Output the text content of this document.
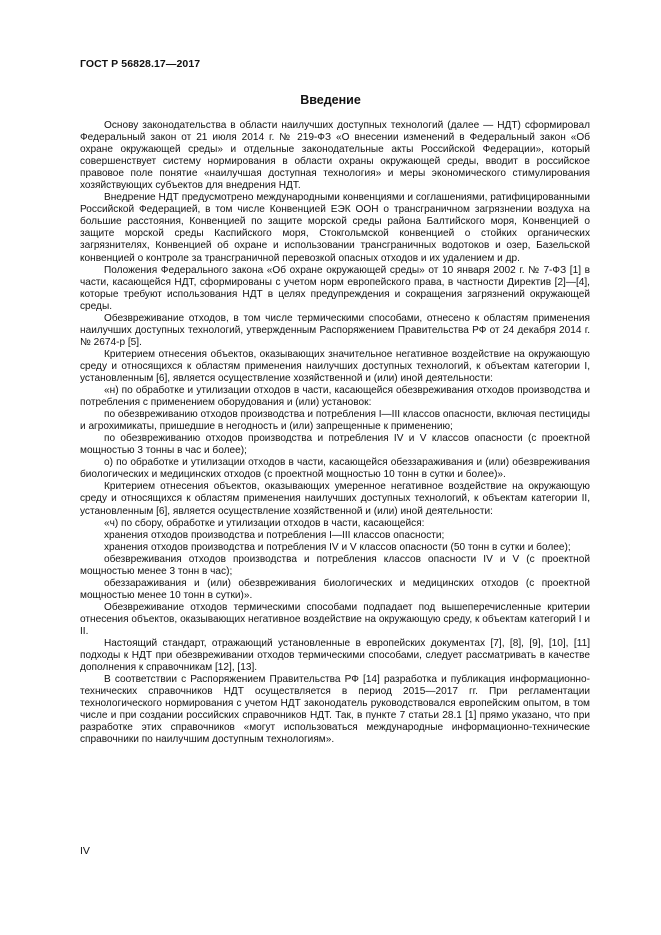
ГОСТ Р 56828.17—2017
Введение

Основу законодательства в области наилучших доступных технологий (далее — НДТ) сформировал Федеральный закон от 21 июля 2014 г. № 219-ФЗ «О внесении изменений в Федеральный закон «Об охране окружающей среды» и отдельные законодательные акты Российской Федерации», который совершенствует систему нормирования в области охраны окружающей среды, вводит в российское правовое поле понятие «наилучшая доступная технология» и меры экономического стимулирования хозяйствующих субъектов для внедрения НДТ.

Внедрение НДТ предусмотрено международными конвенциями и соглашениями, ратифицированными Российской Федерацией, в том числе Конвенцией ЕЭК ООН о трансграничном загрязнении воздуха на большие расстояния, Конвенцией по защите морской среды района Балтийского моря, Конвенцией о защите морской среды Каспийского моря, Стокгольмской конвенцией о стойких органических загрязнителях, Конвенцией об охране и использовании трансграничных водотоков и озер, Базельской конвенцией о контроле за трансграничной перевозкой опасных отходов и их удалением и др.

Положения Федерального закона «Об охране окружающей среды» от 10 января 2002 г. № 7-ФЗ [1] в части, касающейся НДТ, сформированы с учетом норм европейского права, в частности Директив [2]—[4], которые требуют использования НДТ в целях предупреждения и сокращения загрязнений окружающей среды.

Обезвреживание отходов, в том числе термическими способами, отнесено к областям применения наилучших доступных технологий, утвержденным Распоряжением Правительства РФ от 24 декабря 2014 г. № 2674-р [5].

Критерием отнесения объектов, оказывающих значительное негативное воздействие на окружающую среду и относящихся к областям применения наилучших доступных технологий, к объектам категории I, установленным [6], является осуществление хозяйственной и (или) иной деятельности:

«н) по обработке и утилизации отходов в части, касающейся обезвреживания отходов производства и потребления с применением оборудования и (или) установок:

по обезвреживанию отходов производства и потребления I—III классов опасности, включая пестициды и агрохимикаты, пришедшие в негодность и (или) запрещенные к применению;

по обезвреживанию отходов производства и потребления IV и V классов опасности (с проектной мощностью 3 тонны в час и более);

о) по обработке и утилизации отходов в части, касающейся обеззараживания и (или) обезвреживания биологических и медицинских отходов (с проектной мощностью 10 тонн в сутки и более)».

Критерием отнесения объектов, оказывающих умеренное негативное воздействие на окружающую среду и относящихся к областям применения наилучших доступных технологий, к объектам категории II, установленным [6], является осуществление хозяйственной и (или) иной деятельности:

«ч) по сбору, обработке и утилизации отходов в части, касающейся:

хранения отходов производства и потребления I—III классов опасности;

хранения отходов производства и потребления IV и V классов опасности (50 тонн в сутки и более);

обезвреживания отходов производства и потребления классов опасности IV и V (с проектной мощностью менее 3 тонн в час);

обеззараживания и (или) обезвреживания биологических и медицинских отходов (с проектной мощностью менее 10 тонн в сутки)».

Обезвреживание отходов термическими способами подпадает под вышеперечисленные критерии отнесения объектов, оказывающих негативное воздействие на окружающую среду, к объектам категорий I и II.

Настоящий стандарт, отражающий установленные в европейских документах [7], [8], [9], [10], [11] подходы к НДТ при обезвреживании отходов термическими способами, следует рассматривать в качестве дополнения к справочникам [12], [13].

В соответствии с Распоряжением Правительства РФ [14] разработка и публикация информационно-технических справочников НДТ осуществляется в период 2015—2017 гг. При регламентации технологического нормирования с учетом НДТ законодатель руководствовался европейским опытом, в том числе и при создании российских справочников НДТ. Так, в пункте 7 статьи 28.1 [1] прямо указано, что при разработке этих справочников «могут использоваться международные информационно-технические справочники по наилучшим доступным технологиям».

IV
